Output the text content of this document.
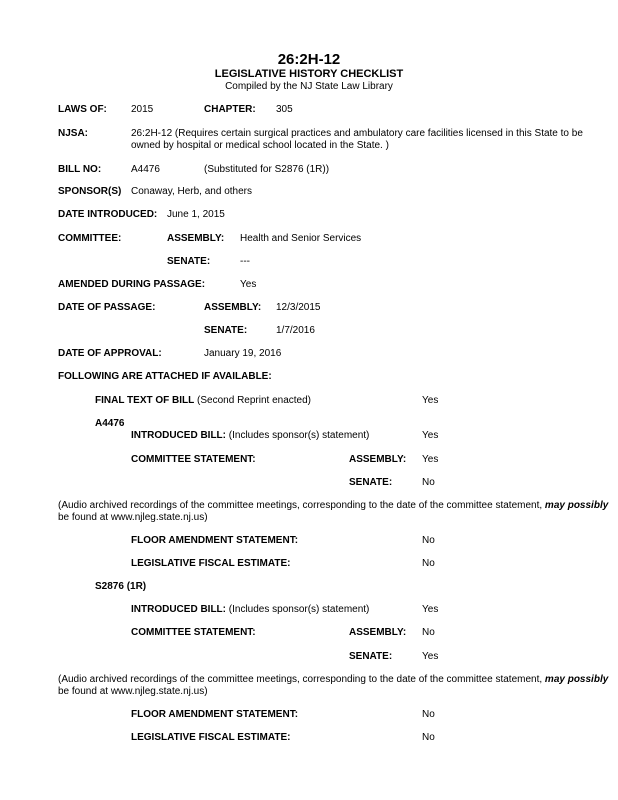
26:2H-12
LEGISLATIVE HISTORY CHECKLIST
Compiled by the NJ State Law Library
LAWS OF: 2015	CHAPTER: 305
NJSA:	26:2H-12 (Requires certain surgical practices and ambulatory care facilities licensed in this State to be
owned by hospital or medical school located in the State. )
BILL NO:	A4476	(Substituted for S2876 (1R))
SPONSOR(S) Conaway, Herb, and others
DATE INTRODUCED: June 1, 2015
COMMITTEE:	ASSEMBLY: Health and Senior Services
SENATE:	---
AMENDED DURING PASSAGE:	Yes
DATE OF PASSAGE:	ASSEMBLY: 12/3/2015
SENATE:	1/7/2016
DATE OF APPROVAL:	January 19, 2016
FOLLOWING ARE ATTACHED IF AVAILABLE:
FINAL TEXT OF BILL (Second Reprint enacted)	Yes
A4476
INTRODUCED BILL: (Includes sponsor(s) statement)	Yes
COMMITTEE STATEMENT:	ASSEMBLY: Yes
SENATE:	No
(Audio archived recordings of the committee meetings, corresponding to the date of the committee statement, may possibly
be found at www.njleg.state.nj.us)
FLOOR AMENDMENT STATEMENT:	No
LEGISLATIVE FISCAL ESTIMATE:	No
S2876 (1R)
INTRODUCED BILL: (Includes sponsor(s) statement)	Yes
COMMITTEE STATEMENT:	ASSEMBLY: No
SENATE:	Yes
(Audio archived recordings of the committee meetings, corresponding to the date of the committee statement, may possibly
be found at www.njleg.state.nj.us)
FLOOR AMENDMENT STATEMENT:	No
LEGISLATIVE FISCAL ESTIMATE:	No
